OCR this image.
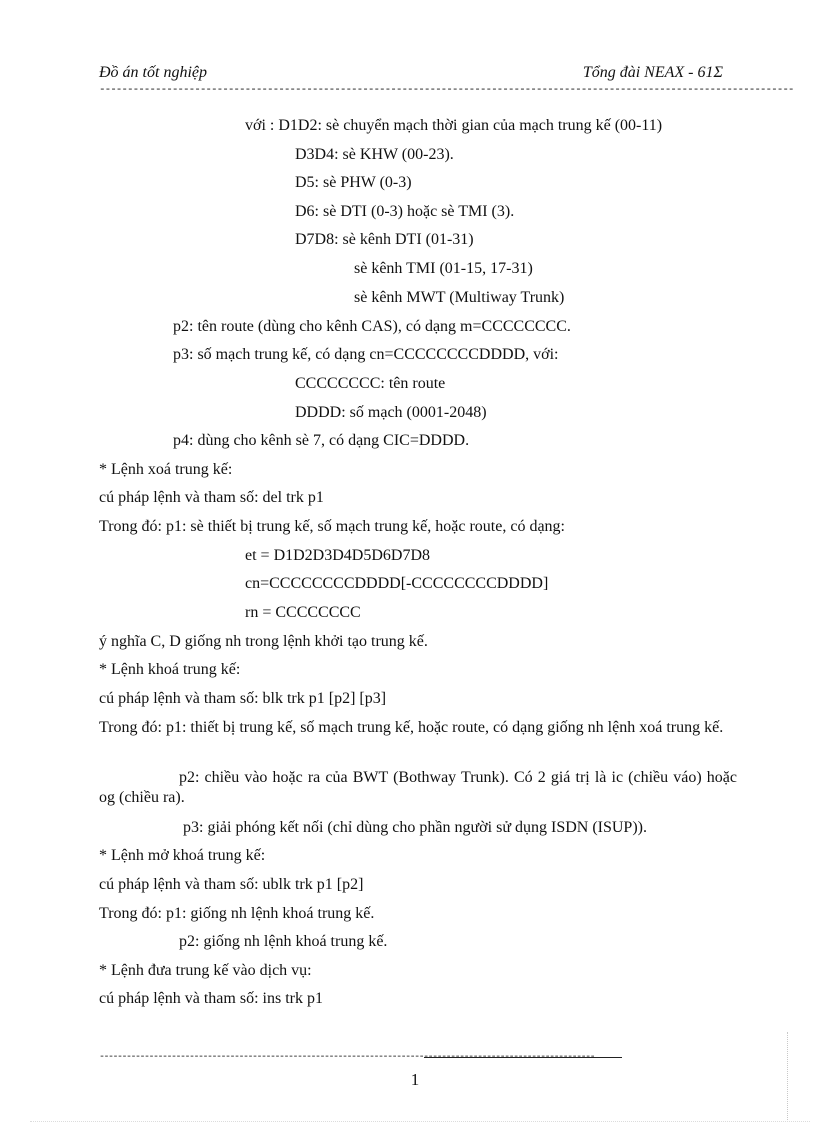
Đồ án tốt nghiệp	Tổng đài NEAX - 61Σ
----------------------------------------------------------------------------------------------------------------------------
với : D1D2: sè chuyển mạch thời gian của mạch trung kế (00-11)
D3D4: sè KHW (00-23).
D5: sè PHW (0-3)
D6: sè DTI (0-3) hoặc sè TMI (3).
D7D8: sè kênh DTI (01-31)
sè kênh TMI (01-15, 17-31)
sè kênh MWT (Multiway Trunk)
p2: tên route (dùng cho kênh CAS), có dạng m=CCCCCCCC.
p3: số mạch trung kế, có dạng cn=CCCCCCCCDDDD, với:
CCCCCCCC: tên route
DDDD: số mạch (0001-2048)
p4: dùng cho kênh sè 7, có dạng CIC=DDDD.
* Lệnh xoá trung kế:
cú pháp lệnh và tham số: del trk p1
Trong đó: p1: sè thiết bị trung kế, số mạch trung kế, hoặc route, có dạng:
et = D1D2D3D4D5D6D7D8
cn=CCCCCCCCDDDD[-CCCCCCCCDDDD]
rn = CCCCCCCC
ý nghĩa C, D giống nh trong lệnh khởi tạo trung kế.
* Lệnh khoá trung kế:
cú pháp lệnh và tham số: blk trk p1 [p2] [p3]
Trong đó: p1: thiết bị trung kế, số mạch trung kế, hoặc route, có dạng giống nh lệnh xoá trung kế.
p2: chiều vào hoặc ra của BWT (Bothway Trunk). Có 2 giá trị là ic (chiều váo) hoặc og (chiều ra).
p3: giải phóng kết nối (chỉ dùng cho phần người sử dụng ISDN (ISUP)).
* Lệnh mở khoá trung kế:
cú pháp lệnh và tham số: ublk trk p1 [p2]
Trong đó: p1: giống nh lệnh khoá trung kế.
p2: giống nh lệnh khoá trung kế.
* Lệnh đưa trung kế vào dịch vụ:
cú pháp lệnh và tham số: ins trk p1
--------------------------------------------------------------------------------------------------------------
1
